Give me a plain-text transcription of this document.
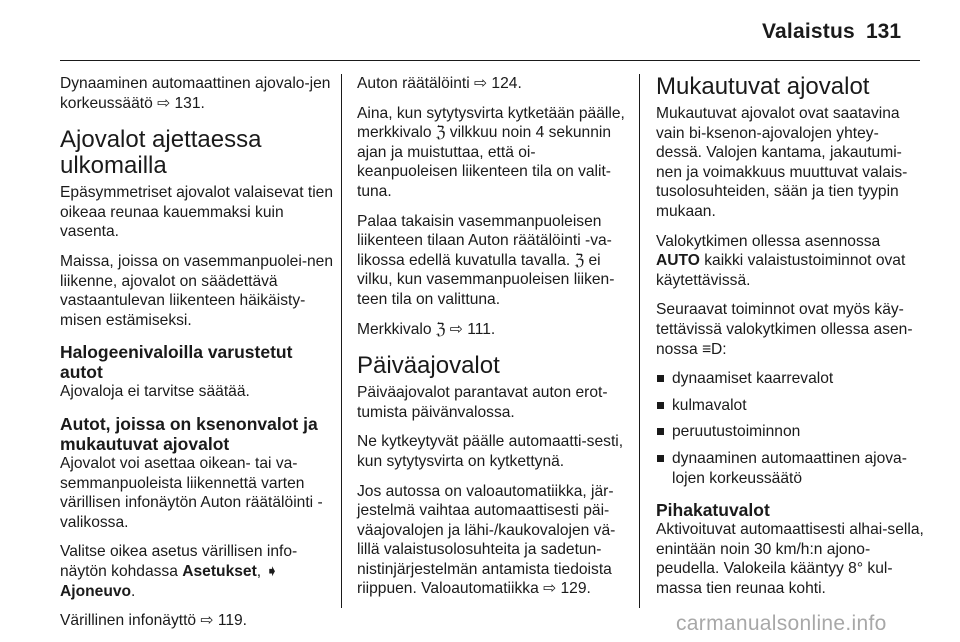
Valaistus 131

Dynaaminen automaattinen ajovalo-jen korkeussäätö ⇨ 131.

Ajovalot ajettaessa ulkomailla

Epäsymmetriset ajovalot valaisevat tien oikeaa reunaa kauemmaksi kuin vasenta.

Maissa, joissa on vasemmanpuolei-nen liikenne, ajovalot on säädettävä vastaantulevan liikenteen häikäisty-misen estämiseksi.

Halogeenivaloilla varustetut autot

Ajovaloja ei tarvitse säätää.

Autot, joissa on ksenonvalot ja mukautuvat ajovalot

Ajovalot voi asettaa oikean- tai va-semmanpuoleista liikennettä varten värillisen infonäytön Auton räätälöinti -valikossa.

Valitse oikea asetus värillisen info-näytön kohdassa Asetukset, ➧
Ajoneuvo.

Värillinen infonäyttö ⇨ 119.

Auton räätälöinti ⇨ 124.

Aina, kun sytytysvirta kytketään päälle, merkkivalo ℨ vilkkuu noin 4 sekunnin ajan ja muistuttaa, että oi-keanpuoleisen liikenteen tila on valit-tuna.

Palaa takaisin vasemmanpuoleisen liikenteen tilaan Auton räätälöinti -va-likossa edellä kuvatulla tavalla. ℨ ei vilku, kun vasemmanpuoleisen liiken-teen tila on valittuna.

Merkkivalo ℨ ⇨ 111.

Päiväajovalot

Päiväajovalot parantavat auton erot-tumista päivänvalossa.

Ne kytkeytyvät päälle automaatti-sesti, kun sytytysvirta on kytkettynä.

Jos autossa on valoautomatiikka, jär-jestelmä vaihtaa automaattisesti päi-väajovalojen ja lähi-/kaukovalojen vä-lillä valaistusolosuhteita ja sadetun-nistinjärjestelmän antamista tiedoista riippuen. Valoautomatiikka ⇨ 129.

Mukautuvat ajovalot

Mukautuvat ajovalot ovat saatavina vain bi-ksenon-ajovalojen yhtey-dessä. Valojen kantama, jakautumi-nen ja voimakkuus muuttuvat valais-tusolosuhteiden, sään ja tien tyypin mukaan.

Valokytkimen ollessa asennossa
AUTO kaikki valaistustoiminnot ovat käytettävissä.

Seuraavat toiminnot ovat myös käy-tettävissä valokytkimen ollessa asen-nossa ≡D:

dynaamiset kaarrevalot
kulmavalot
peruutustoiminnon
dynaaminen automaattinen ajova-lojen korkeussäätö
Pihakatuvalot

Aktivoituvat automaattisesti alhai-sella, enintään noin 30 km/h:n ajono-peudella. Valokeila kääntyy 8° kul-massa tien reunaa kohti.

carmanualsonline.info
